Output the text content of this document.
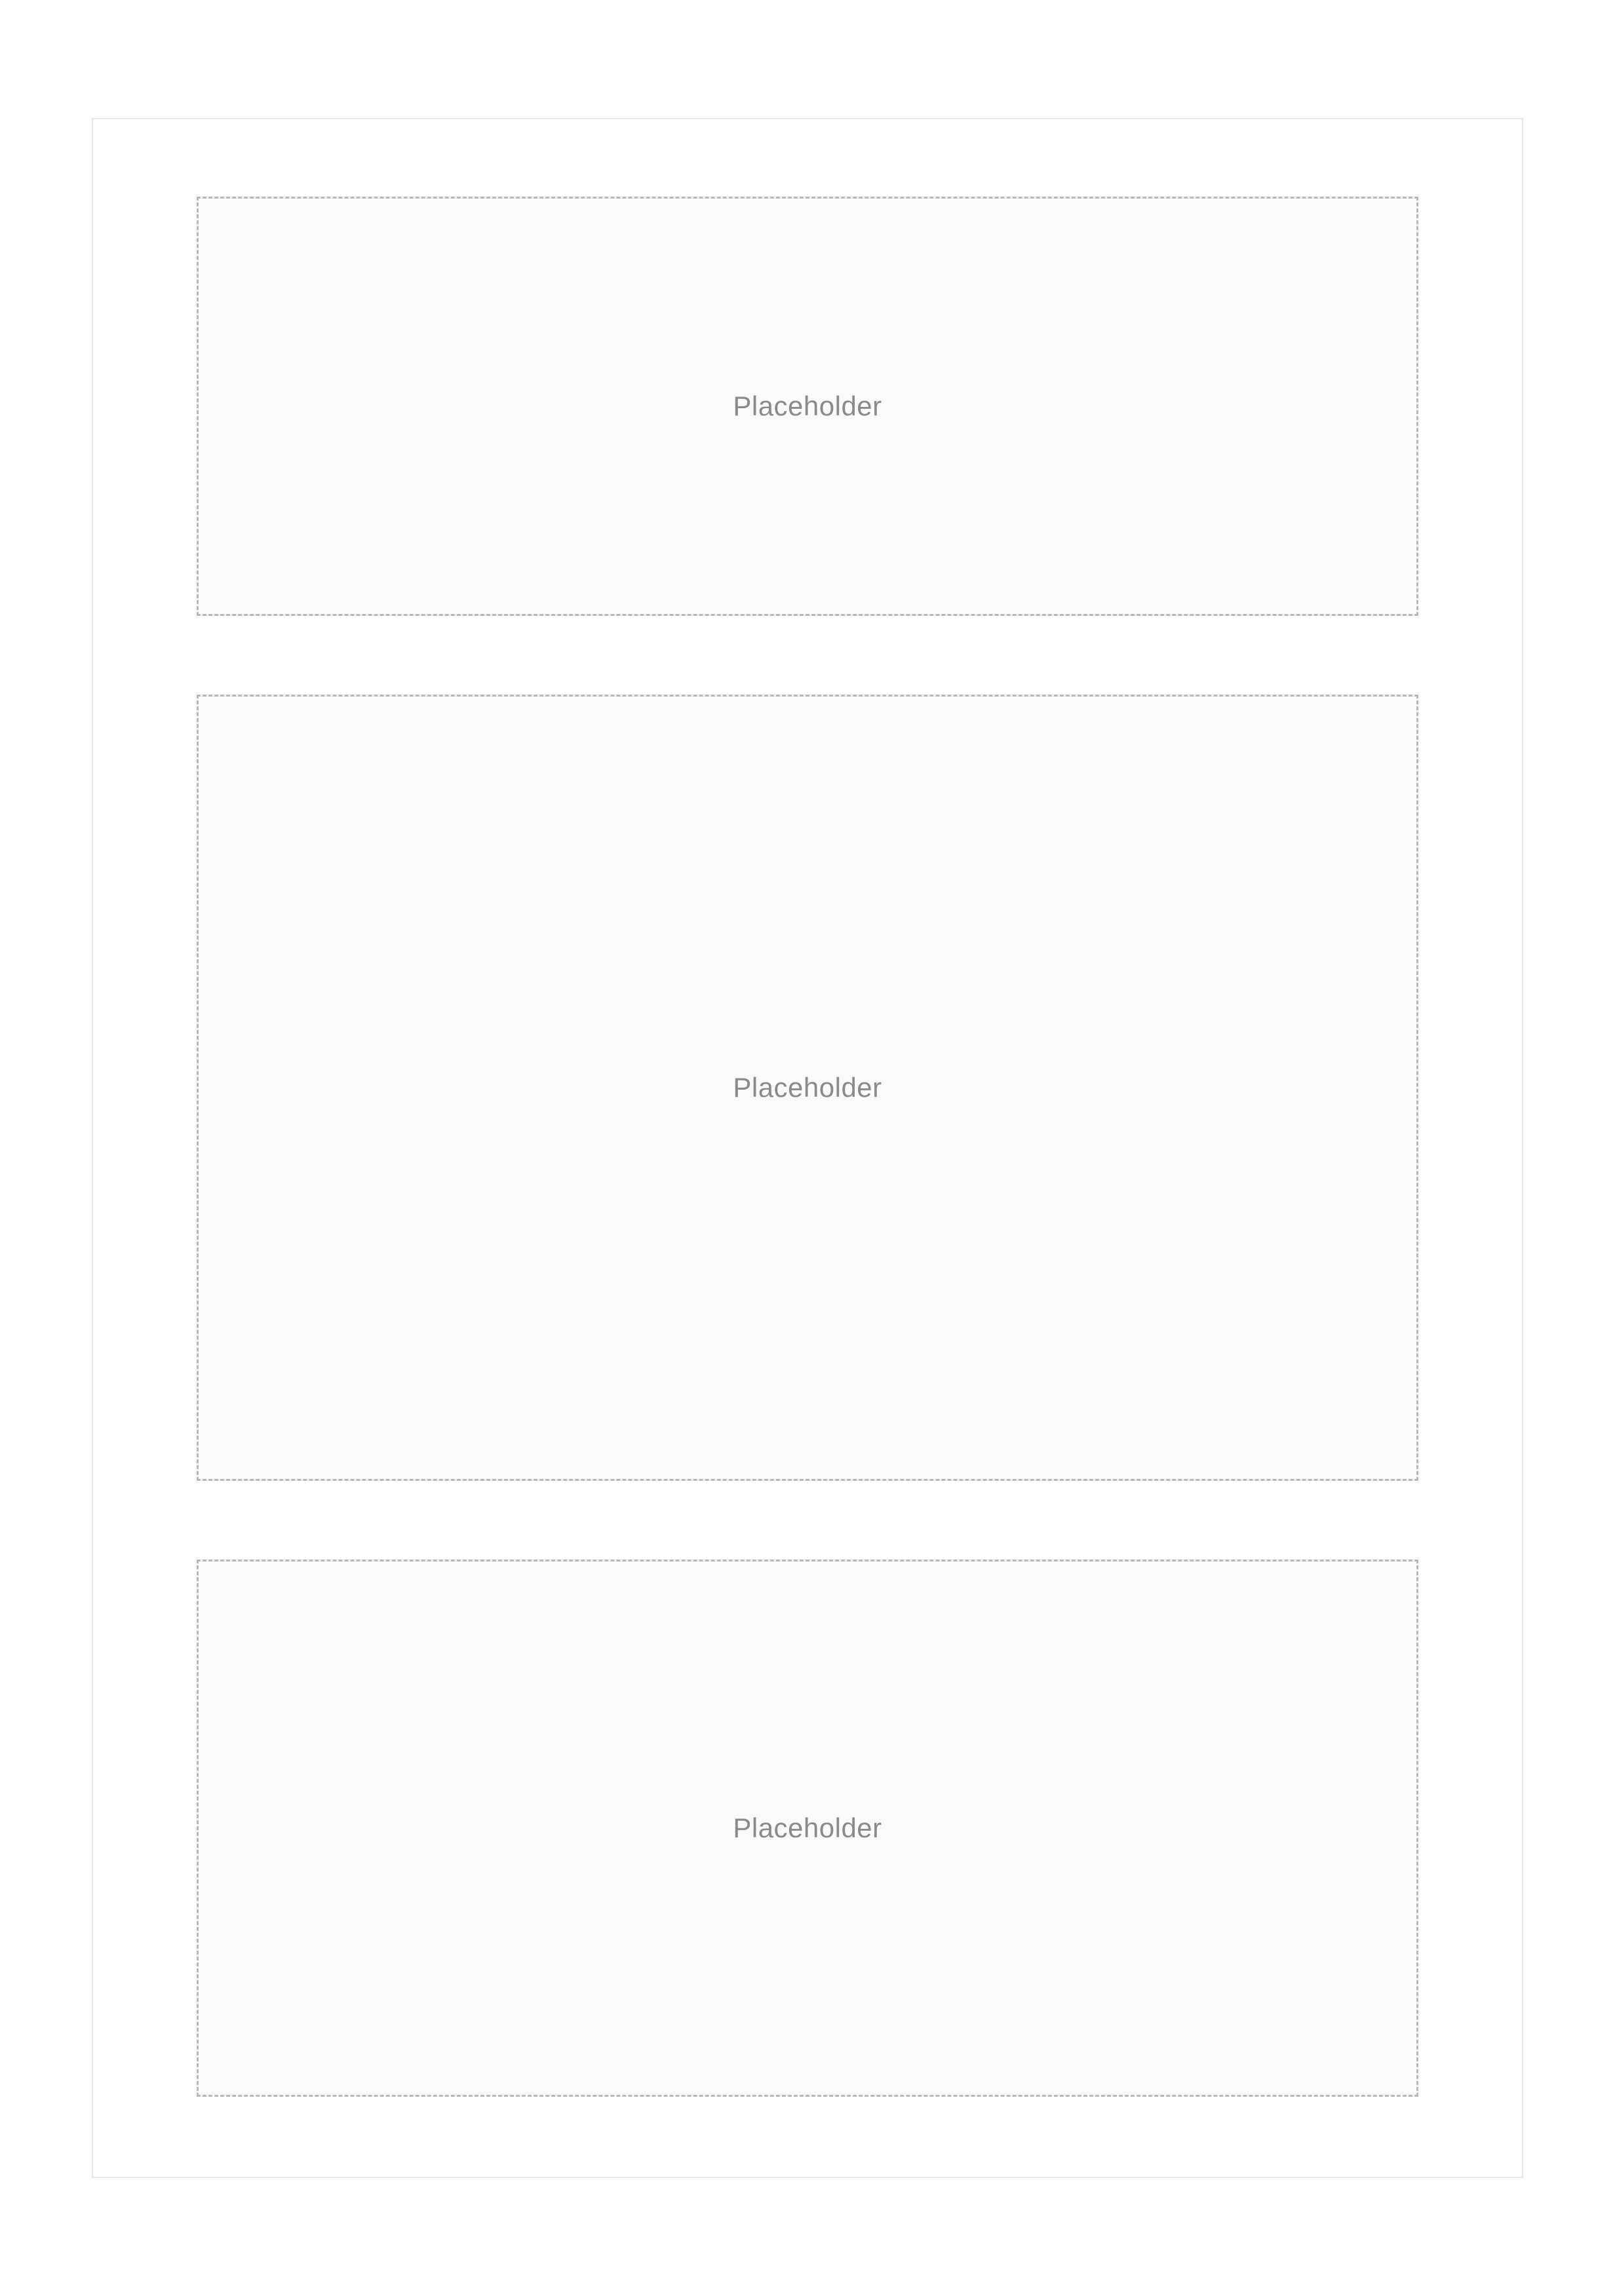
Placeholder
Placeholder
Placeholder
